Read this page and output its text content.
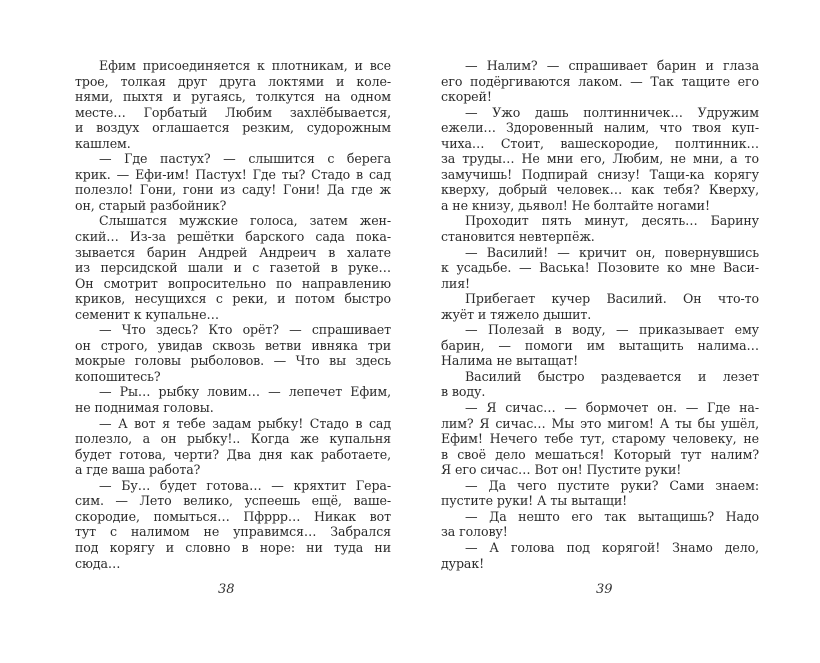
Ефим присоединяется к плотникам, и все
трое, толкая друг друга локтями и коле-
нями, пыхтя и ругаясь, толкутся на одном
месте… Горбатый Любим захлёбывается,
и воздух оглашается резким, судорожным
кашлем.
— Где пастух? — слышится с берега
крик. — Ефи-им! Пастух! Где ты? Стадо в сад
полезло! Гони, гони из саду! Гони! Да где ж
он, старый разбойник?
Слышатся мужские голоса, затем жен-
ский… Из-за решётки барского сада пока-
зывается барин Андрей Андреич в халате
из персидской шали и с газетой в руке…
Он смотрит вопросительно по направлению
криков, несущихся с реки, и потом быстро
семенит к купальне…
— Что здесь? Кто орёт? — спрашивает
он строго, увидав сквозь ветви ивняка три
мокрые головы рыболовов. — Что вы здесь
копошитесь?
— Ры… рыбку ловим… — лепечет Ефим,
не поднимая головы.
— А вот я тебе задам рыбку! Стадо в сад
полезло, а он рыбку!.. Когда же купальня
будет готова, черти? Два дня как работаете,
а где ваша работа?
— Бу… будет готова… — кряхтит Гера-
сим. — Лето велико, успеешь ещё, ваше-
скородие, помыться… Пфррр… Никак вот
тут с налимом не управимся… Забрался
под корягу и словно в норе: ни туда ни
сюда…
— Налим? — спрашивает барин и глаза
его подёргиваются лаком. — Так тащите его
скорей!
— Ужо дашь полтинничек… Удружим
ежели… Здоровенный налим, что твоя куп-
чиха… Стоит, вашескородие, полтинник…
за труды… Не мни его, Любим, не мни, а то
замучишь! Подпирай снизу! Тащи-ка корягу
кверху, добрый человек… как тебя? Кверху,
а не книзу, дьявол! Не болтайте ногами!
Проходит пять минут, десять… Барину
становится невтерпёж.
— Василий! — кричит он, повернувшись
к усадьбе. — Васька! Позовите ко мне Васи-
лия!
Прибегает кучер Василий. Он что-то
жуёт и тяжело дышит.
— Полезай в воду, — приказывает ему
барин, — помоги им вытащить налима…
Налима не вытащат!
Василий быстро раздевается и лезет
в воду.
— Я сичас… — бормочет он. — Где на-
лим? Я сичас… Мы это мигом! А ты бы ушёл,
Ефим! Нечего тебе тут, старому человеку, не
в своё дело мешаться! Который тут налим?
Я его сичас… Вот он! Пустите руки!
— Да чего пустите руки? Сами знаем:
пустите руки! А ты вытащи!
— Да нешто его так вытащишь? Надо
за голову!
— А голова под корягой! Знамо дело,
дурак!
38	39
